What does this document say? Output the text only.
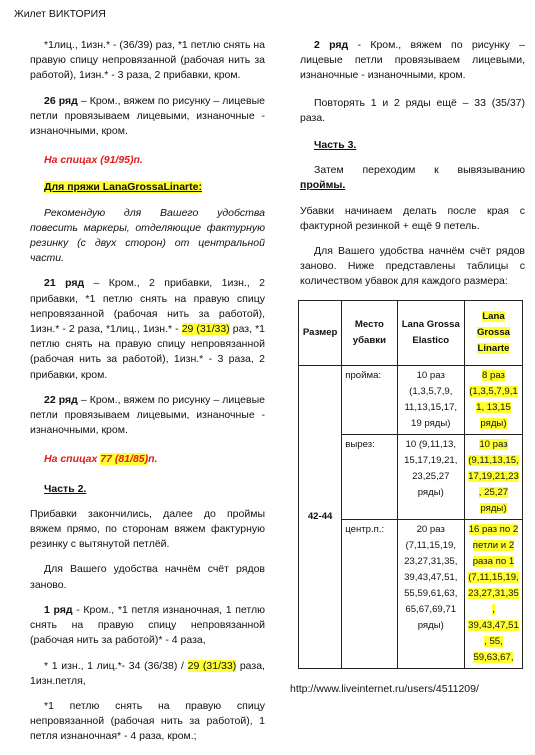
Жилет ВИКТОРИЯ

*1лиц., 1изн.* - (36/39) раз, *1 петлю снять на правую спицу непровязанной (рабочая нить за работой), 1изн.* - 3 раза, 2 прибавки, кром.

26 ряд – Кром., вяжем по рисунку – лицевые петли провязываем лицевыми, изнаночные - изнаночными, кром.

На спицах (91/95)п.

Для пряжи LanaGrossaLinarte:

Рекомендую для Вашего удобства повесить маркеры, отделяющие фактурную резинку (с двух сторон) от центральной части.

21 ряд – Кром., 2 прибавки, 1изн., 2 прибавки, *1 петлю снять на правую спицу непровязанной (рабочая нить за работой), 1изн.* - 2 раза, *1лиц., 1изн.* - 29 (31/33) раз, *1 петлю снять на правую спицу непровязанной (рабочая нить за работой), 1изн.* - 3 раза, 2 прибавки, кром.

22 ряд – Кром., вяжем по рисунку – лицевые петли провязываем лицевыми, изнаночные - изнаночными, кром.

На спицах 77 (81/85)п.

Часть 2.

Прибавки закончились, далее до проймы вяжем прямо, по сторонам вяжем фактурную резинку с вытянутой петлёй.

Для Вашего удобства начнём счёт рядов заново.

1 ряд - Кром., *1 петля изнаночная, 1 петлю снять на правую спицу непровязанной (рабочая нить за работой)* - 4 раза,

* 1 изн., 1 лиц.*- 34 (36/38) / 29 (31/33) раза, 1изн.петля,

*1 петлю снять на правую спицу непровязанной (рабочая нить за работой), 1 петля изнаночная* - 4 раза, кром.;

2 ряд - Кром., вяжем по рисунку – лицевые петли провязываем лицевыми, изнаночные - изнаночными, кром.

Повторять 1 и 2 ряды ещё – 33 (35/37) раза.

Часть 3.

Затем переходим к вывязыванию проймы.

Убавки начинаем делать после края с фактурной резинкой + ещё 9 петель.

Для Вашего удобства начнём счёт рядов заново. Ниже представлены таблицы с количеством убавок для каждого размера:

Размер	Место убавки	Lana Grossa Elastico	Lana Grossa Linarte
42-44	пройма:	10 раз (1,3,5,7,9, 11,13,15,17, 19 ряды)	8 раз (1,3,5,7,9,1 1, 13,15 ряды)
	вырез:	10 (9,11,13, 15,17,19,21, 23,25,27 ряды)	10 раз (9,11,13,15, 17,19,21,23 , 25,27 ряды)
	центр.п.:	20 раз (7,11,15,19, 23,27,31,35, 39,43,47,51, 55,59,61,63, 65,67,69,71 ряды)	16 раз по 2 петли и 2 раза по 1 (7,11,15,19, 23,27,31,35 , 39,43,47,51 , 55, 59,63,67,
http://www.liveinternet.ru/users/4511209/
